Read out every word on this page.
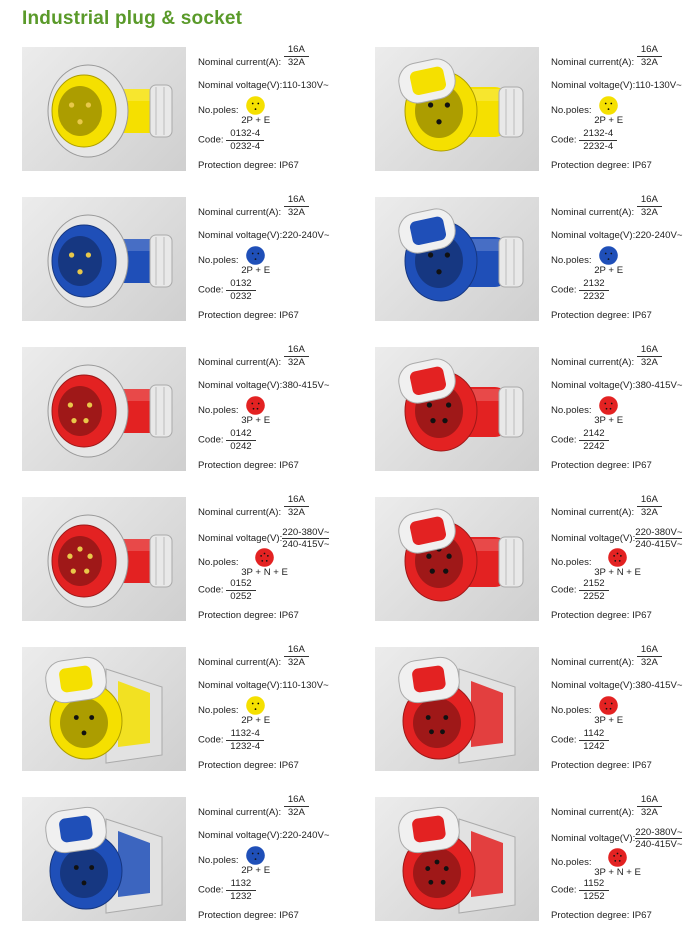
Industrial plug & socket
Nominal current(A): $\frac{16A}{32A}$
Nominal voltage(V):110-130V~
No.poles:
2P + E
Code: $\frac{0132-4}{0232-4}$
Protection degree: IP67
Nominal current(A): $\frac{16A}{32A}$
Nominal voltage(V):110-130V~
No.poles:
2P + E
Code: $\frac{2132-4}{2232-4}$
Protection degree: IP67
Nominal current(A): $\frac{16A}{32A}$
Nominal voltage(V):220-240V~
No.poles:
2P + E
Code: $\frac{0132}{0232}$
Protection degree: IP67
Nominal current(A): $\frac{16A}{32A}$
Nominal voltage(V):220-240V~
No.poles:
2P + E
Code: $\frac{2132}{2232}$
Protection degree: IP67
Nominal current(A): $\frac{16A}{32A}$
Nominal voltage(V):380-415V~
No.poles:
3P + E
Code: $\frac{0142}{0242}$
Protection degree: IP67
Nominal current(A): $\frac{16A}{32A}$
Nominal voltage(V):380-415V~
No.poles:
3P + E
Code: $\frac{2142}{2242}$
Protection degree: IP67
Nominal current(A): $\frac{16A}{32A}$
Nominal voltage(V): $\frac{220-380V\sim}{240-415V\sim}$
No.poles:
3P + N + E
Code: $\frac{0152}{0252}$
Protection degree: IP67
Nominal current(A): $\frac{16A}{32A}$
Nominal voltage(V): $\frac{220-380V\sim}{240-415V\sim}$
No.poles:
3P + N + E
Code: $\frac{2152}{2252}$
Protection degree: IP67
Nominal current(A): $\frac{16A}{32A}$
Nominal voltage(V):110-130V~
No.poles:
2P + E
Code: $\frac{1132-4}{1232-4}$
Protection degree: IP67
Nominal current(A): $\frac{16A}{32A}$
Nominal voltage(V):380-415V~
No.poles:
3P + E
Code: $\frac{1142}{1242}$
Protection degree: IP67
Nominal current(A): $\frac{16A}{32A}$
Nominal voltage(V):220-240V~
No.poles:
2P + E
Code: $\frac{1132}{1232}$
Protection degree: IP67
Nominal current(A): $\frac{16A}{32A}$
Nominal voltage(V): $\frac{220-380V\sim}{240-415V\sim}$
No.poles:
3P + N + E
Code: $\frac{1152}{1252}$
Protection degree: IP67
